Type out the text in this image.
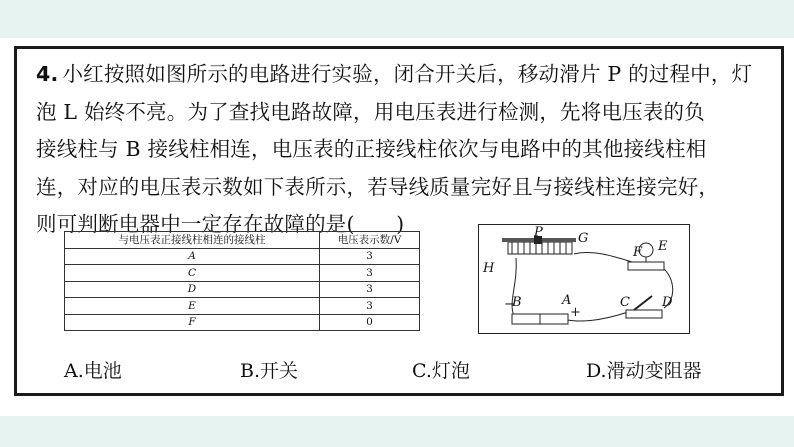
4. 小红按照如图所示的电路进行实验，闭合开关后，移动滑片 P 的过程中，灯
泡 L 始终不亮。为了查找电路故障，用电压表进行检测，先将电压表的负
接线柱与 B 接线柱相连，电压表的正接线柱依次与电路中的其他接线柱相
连，对应的电压表示数如下表所示，若导线质量完好且与接线柱连接完好，
则可判断电器中一定存在故障的是(　　)
与电压表正接线柱相连的接线柱	电压表示数/V
A	3
C	3
D	3
E	3
F	0
P	G
H
F E
B	A	C D
−
+
A.电池	B.开关	C.灯泡	D.滑动变阻器
